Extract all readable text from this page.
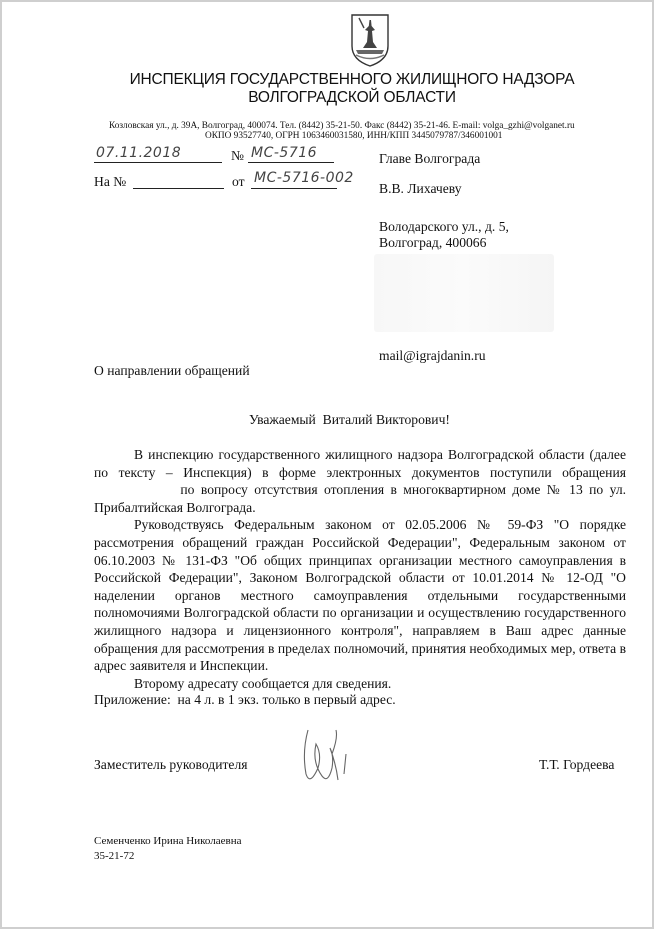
ИНСПЕКЦИЯ ГОСУДАРСТВЕННОГО ЖИЛИЩНОГО НАДЗОРА
ВОЛГОГРАДСКОЙ ОБЛАСТИ
Козловская ул., д. 39А, Волгоград, 400074. Тел. (8442) 35-21-50. Факс (8442) 35-21-46. E-mail: volga_gzhi@volganet.ru
ОКПО 93527740, ОГРН 1063460031580, ИНН/КПП 3445079787/346001001
07.11.2018	№ МС-5716
На №	от МС-5716-002
Главе Волгограда
В.В. Лихачеву
Володарского ул., д. 5,
Волгоград, 400066
mail@igrajdanin.ru
О направлении обращений
Уважаемый  Виталий Викторович!

В инспекцию государственного жилищного надзора Волгоградской области (далее по тексту – Инспекция) в форме электронных документов поступили обращения  по вопросу отсутствия отопления в многоквартирном доме № 13 по ул. Прибалтийская Волгограда.

Руководствуясь Федеральным законом от 02.05.2006 № 59-ФЗ "О порядке рассмотрения обращений граждан Российской Федерации", Федеральным законом от 06.10.2003 № 131-ФЗ "Об общих принципах организации местного самоуправления в Российской Федерации", Законом Волгоградской области от 10.01.2014 № 12-ОД "О наделении органов местного самоуправления отдельными государственными полномочиями Волгоградской области по организации и осуществлению государственного жилищного надзора и лицензионного контроля", направляем в Ваш адрес данные обращения для рассмотрения в пределах полномочий, принятия необходимых мер, ответа в адрес заявителя и Инспекции.

Второму адресату сообщается для сведения.

Приложение:  на 4 л. в 1 экз. только в первый адрес.
Заместитель руководителя	Т.Т. Гордеева
Семенченко Ирина Николаевна
35-21-72
